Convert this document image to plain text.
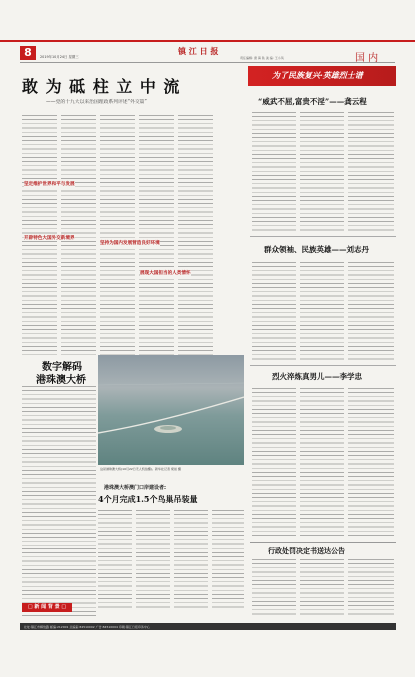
8	2019年10月24日 星期三
镇 江 日 报
责任编辑: 唐 海 铁 美 编: 王小凤	国 内
敢 为 砥 柱 立 中 流
——党的十九大以来治国理政系列评述“外交篇”
坚定维护世界和平与发展
开辟特色大国外交新境界
坚持为国内发展营造良好环境
展现大国担当的人类情怀
数字解码
港珠澳大桥
这是港珠澳大桥(10月22日无人机拍摄)。新华社记者 梁旭 摄
港珠澳大桥澳门口岸建设者:
4个月完成1.5个鸟巢吊装量
□ 新 闻 背 景 □
为了民族复兴·英雄烈士谱
“威武不屈,富贵不淫”——龚云程
群众领袖、民族英雄——刘志丹
烈火淬炼真男儿——李学忠
行政处罚决定书送达公告
社址:镇江市解放路 邮编:212001 总编室:84510002 广告:84510004 印刷:镇江日报印务中心
